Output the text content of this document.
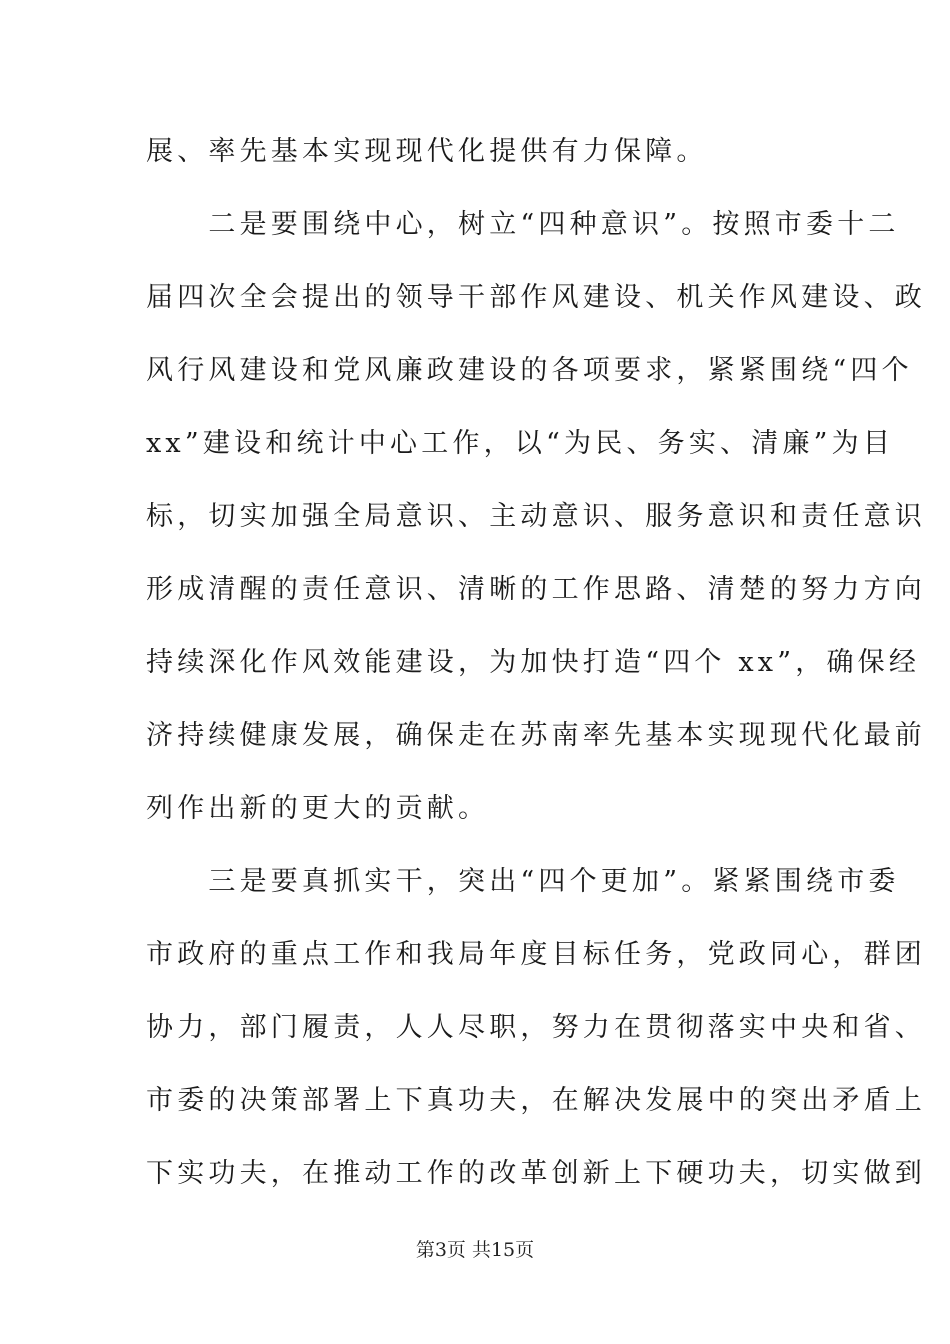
展、率先基本实现现代化提供有力保障。
　　二是要围绕中心，树立“四种意识”。按照市委十二
届四次全会提出的领导干部作风建设、机关作风建设、政
风行风建设和党风廉政建设的各项要求，紧紧围绕“四个
xx”建设和统计中心工作，以“为民、务实、清廉”为目
标，切实加强全局意识、主动意识、服务意识和责任意识
形成清醒的责任意识、清晰的工作思路、清楚的努力方向
持续深化作风效能建设，为加快打造“四个 xx”，确保经
济持续健康发展，确保走在苏南率先基本实现现代化最前
列作出新的更大的贡献。
　　三是要真抓实干，突出“四个更加”。紧紧围绕市委
市政府的重点工作和我局年度目标任务，党政同心，群团
协力，部门履责，人人尽职，努力在贯彻落实中央和省、
市委的决策部署上下真功夫，在解决发展中的突出矛盾上
下实功夫，在推动工作的改革创新上下硬功夫，切实做到
第3页 共15页
